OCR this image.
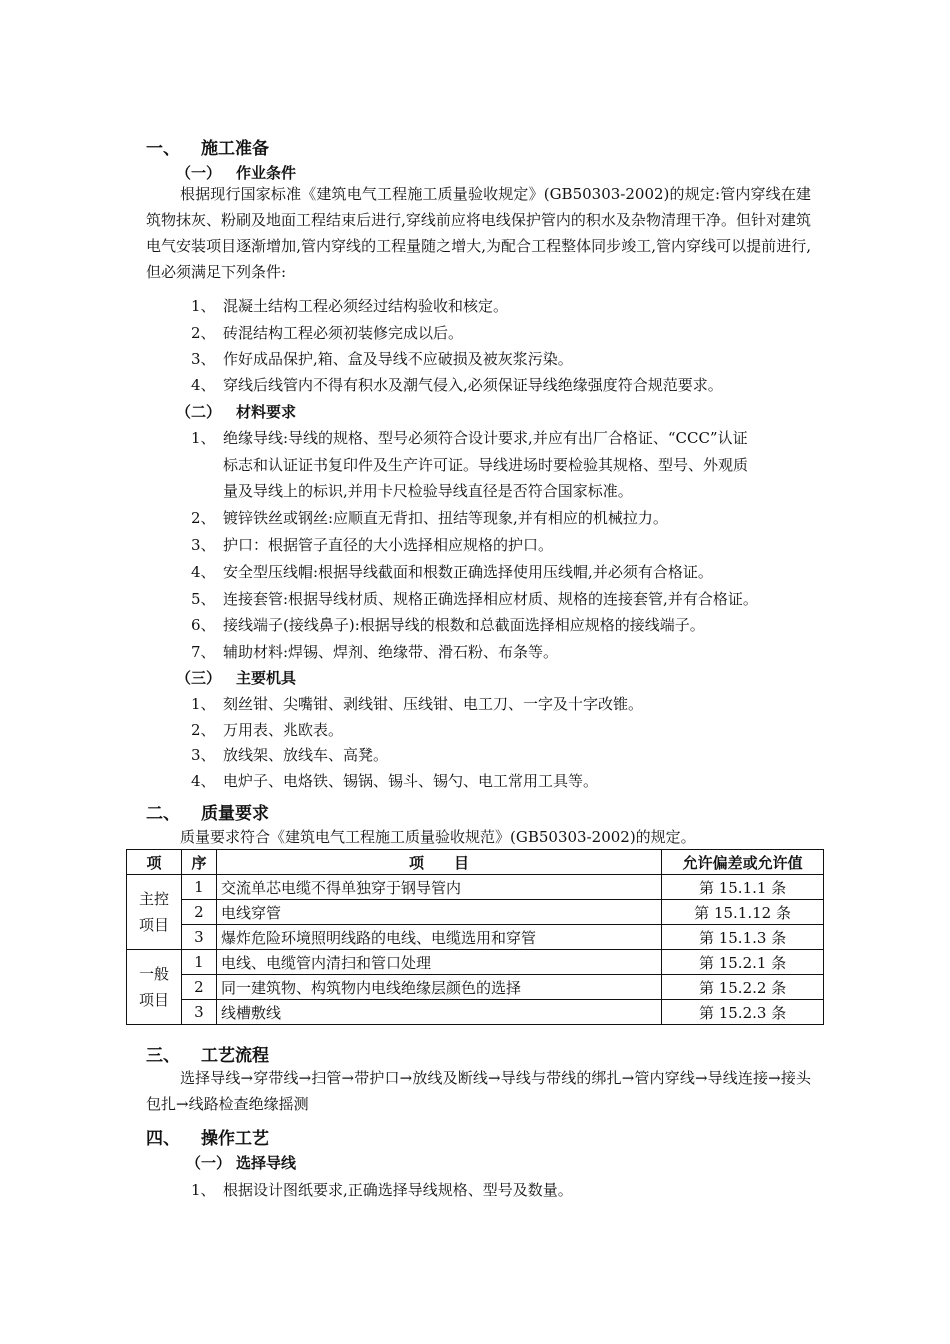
一、 施工准备
（一） 作业条件
根据现行国家标准《建筑电气工程施工质量验收规定》(GB50303-2002)的规定:管内穿线在建筑物抹灰、粉刷及地面工程结束后进行,穿线前应将电线保护管内的积水及杂物清理干净。但针对建筑电气安装项目逐渐增加,管内穿线的工程量随之增大,为配合工程整体同步竣工,管内穿线可以提前进行,但必须满足下列条件:
1、 混凝土结构工程必须经过结构验收和核定。
2、 砖混结构工程必须初装修完成以后。
3、 作好成品保护,箱、盒及导线不应破损及被灰浆污染。
4、 穿线后线管内不得有积水及潮气侵入,必须保证导线绝缘强度符合规范要求。
（二） 材料要求
1、 绝缘导线:导线的规格、型号必须符合设计要求,并应有出厂合格证、“CCC”认证
标志和认证证书复印件及生产许可证。导线进场时要检验其规格、型号、外观质
量及导线上的标识,并用卡尺检验导线直径是否符合国家标准。
2、 镀锌铁丝或钢丝:应顺直无背扣、扭结等现象,并有相应的机械拉力。
3、 护口：根据管子直径的大小选择相应规格的护口。
4、 安全型压线帽:根据导线截面和根数正确选择使用压线帽,并必须有合格证。
5、 连接套管:根据导线材质、规格正确选择相应材质、规格的连接套管,并有合格证。
6、 接线端子(接线鼻子):根据导线的根数和总截面选择相应规格的接线端子。
7、 辅助材料:焊锡、焊剂、绝缘带、滑石粉、布条等。
（三） 主要机具
1、 刻丝钳、尖嘴钳、剥线钳、压线钳、电工刀、一字及十字改锥。
2、 万用表、兆欧表。
3、 放线架、放线车、高凳。
4、 电炉子、电烙铁、锡锅、锡斗、锡勺、电工常用工具等。
二、 质量要求
质量要求符合《建筑电气工程施工质量验收规范》(GB50303-2002)的规定。
项	序	项　　目	允许偏差或允许值
主控项目	1	交流单芯电缆不得单独穿于钢导管内	第 15.1.1 条
	2	电线穿管	第 15.1.12 条
	3	爆炸危险环境照明线路的电线、电缆选用和穿管	第 15.1.3 条
一般项目	1	电线、电缆管内清扫和管口处理	第 15.2.1 条
	2	同一建筑物、构筑物内电线绝缘层颜色的选择	第 15.2.2 条
	3	线槽敷线	第 15.2.3 条
三、 工艺流程
选择导线→穿带线→扫管→带护口→放线及断线→导线与带线的绑扎→管内穿线→导线连接→接头包扎→线路检查绝缘摇测
四、 操作工艺
（一） 选择导线
1、 根据设计图纸要求,正确选择导线规格、型号及数量。
